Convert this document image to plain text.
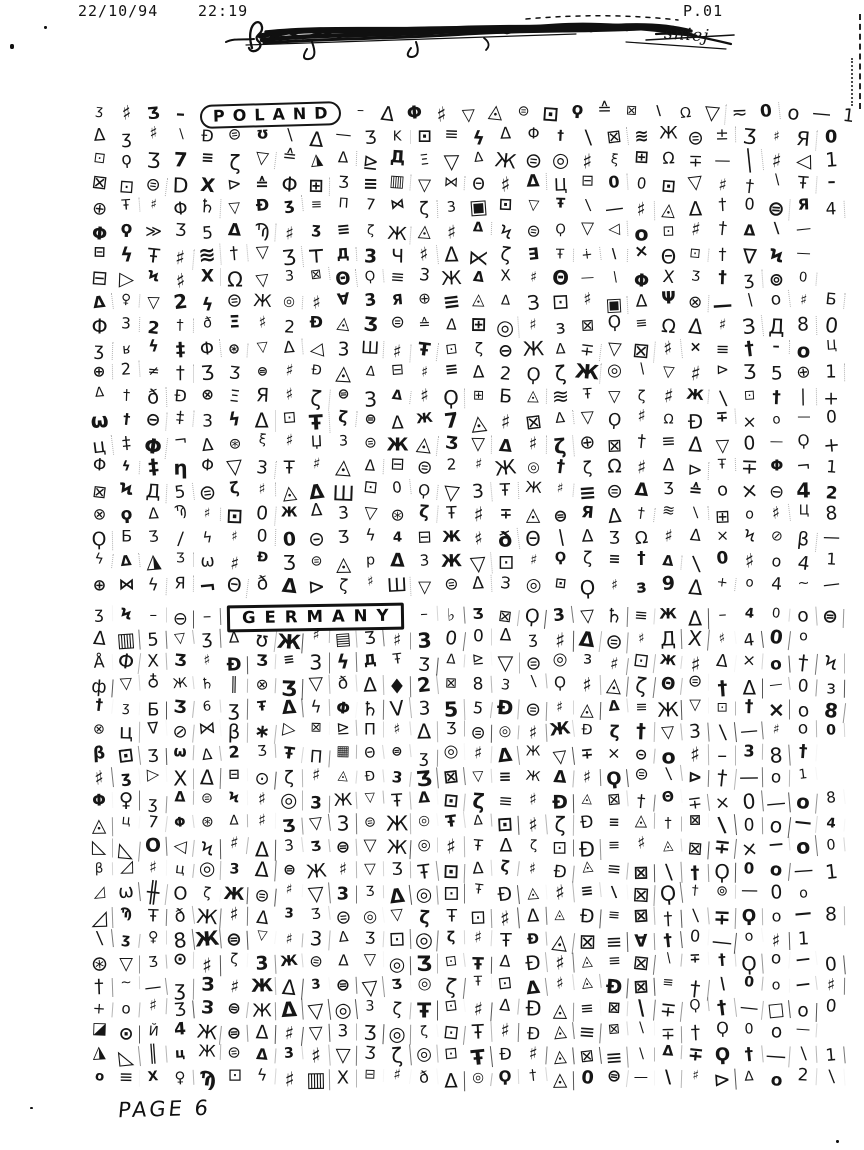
22/10/94	22:19	P.01
śniej
ʒ ♯ Ӡ –	POLAND	– Δ Φ ♯ ▽ ◬ ⊜ ⊡ ϙ ≙	⊠	∖	Ω ▽ ≂ 0 o — 1
Δ ʒ	♯	∖	Ð ⊜ ʊ ∖ Δ — Ӡ	K ⊡ ≡ ϟ Δ Φ	† ∖ ⊠ ≋ Ж ⊜ ± Ӡ	♯ Я 0
⊡ ϙ Ӡ 7 ≡ ζ ▽ ≙ ◮ Δ ⊵ Д Ξ ▽	Δ Ж ⊜ ◎ ♯	ξ ⊞ Ω ∓ — │ ♯ ◁ 1
⊠ ⊡ ⊜ D Χ ⊳ ≙ Φ ⊞ Ӡ ≡ ▥ ▽ ⋈ Θ ♯ Δ Ц ⊟ 0	0 ⊡ ▽ ♯ †	∖ Ŧ	–
⊕ Ŧ	♯ Φ ♄ ▽ Ð ʒ	≡	Π	7 ⋈ ζ	3 ▣ ⊡ ▽	Ŧ	∖ — ♯ ◬ Δ †	0 ⊜ Я 4
Φ ϙ ≫ Ӡ 5 Δ Ϡ ♯	ʒ ≡	ζ Ж ◬ ♯	Δ Ϟ ⊜ Ϙ ▽ ◁ o ⊡ ♯ †	Δ	∖ —
⊟ ϟ Ŧ ♯ ≋ † ▽ Ӡ ⊤ Д 3 Ч ♯ Δ ⋉ ζ ∃	Ŧ	∔	∖ × Θ ⊡	† ∇ Ϟ —
⊟ ▷ Ϟ ♯ Χ Ω ▽ 3	⊠ Θ Ϙ ≡ 3 Ж Δ Χ	♯ Θ —	∖ Φ Χ	Ӡ	† ʒ ⊚	0
Δ	♀ ▽ 2 ϟ ⊜ Ж ◎ ♯ ∀ 3 Я ⊕ ≡ ◬	Δ З ⊡ ♯ ▣ Δ Ψ ⊗ — ∖ o	♯ Б
Φ 3 2	†	ð Ξ	♯ 2 Ð ◬ Ʒ ⊜ ≙	Δ ⊞ ◎ ♯ з ⊠ Ϙ ≡ Ω Δ ♯ З Д 8 0
ʒ	ʁ	ϟ ‡ Φ ⊛	▽ Δ ◁ 3 Ш ♯ Ŧ ⊡	ζ ⊖ Ж Δ ∓ ▽ ⊠ ♯	× ≡ †	– o	Ц
⊕ 2	≠ † Ʒ Ӡ	⊜	♯	Ð ◬ Δ ⊟	♯ ≡ Δ 2 Ϙ ζ Ж ◎ ∖	▽ ♯ ⊳ Ӡ 5 ⊕ 1
Δ	† ð Ð ⊗ Ξ Я ♯ ζ	⊜ 3	Δ ♯ Ϙ	⊞ Б ◬ ≋ Ŧ ▽	ζ ♯ Ж ∖	⊡ †	| +
ω † ⊖ ‡	3 ϟ Δ ⊡ Ŧ ζ	⊜ Δ Ж 7 ◬ ♯ ⊠ Δ ▽ Ϙ ♯	Ω Ð ∓ ×	o	— 0
ц ‡ Φ ¬ Δ ⊛	ξ	♯	Џ	3 ⊜ Ж ◬ Ʒ ▽ Δ ♯ ζ ⊕ ⊠ † ≡ Δ ▽ 0	— Ϙ +
Φ	ϟ ‡ η Φ ▽ 3 Ŧ	♯ ◬ Δ ⊟ ⊜ 2	♯ Ж ◎ † ζ Ω ♯ Δ ⊳	Ŧ ∓ Φ ¬ 1
⊠ Ϟ Д 5 ⊜ ζ	♯ ◬ Δ Ш ⊡ 0 Ϙ ▽ 3 Ŧ Ж	♯ ≡ ⊜ Δ Ʒ ≙ o × ⊖ 4 2
⊗ ϙ Δ	Ϡ	♯ ⊡ 0 Ж Δ 3 ▽ ⊛ ζ Ŧ ♯	∓ ◬ ⊜ Я Δ †	≋ ∖ ⊞ o ♯	Ц 8
Ϙ Б	Ӡ ∕	ϟ	♯	0 0 ⊝ Ʒ ϟ	4 ⊟ Ж ♯ ð Θ ∖ Δ Ʒ Ω ♯	Δ × Ϟ	⊘ β —
ϟ	Δ ◮	Ӡ ω ♯	Ð Ʒ ⊜ ◬	р Δ 3 Ж ▽ ⊡	♯	Ϙ ζ	≡ †	Δ ∖ 0 ♯ o 4 1
⊕ ⋈ ϟ Я ¬ Θ ð Δ ⊳ ζ	♯ Ш ▽ ⊜ Δ З ◎ ⊡ Ϙ	♯ з 9 Δ +	o 4	~ —
ʒ	Ϟ	– ⊖ –	GERMANY	–	♭	Ӡ ⊠ Ϙ 3 ▽ ♄ ≡ Ж Δ –	4	0 o ⊜
Δ ▥ 5	▽ ʒ	Δ ʊ Ж ♯ ▤ Ʒ ♯ 3 0 0 Δ ʒ ♯ Δ ⊜	♯ Д Χ	♯ 4 0	o
Å Φ Χ Ӡ	♯ Ð Ʒ	≡ 3 ϟ Д	Ŧ Ӡ	Δ	⊵ ▽ ⊜ ◎ з ♯ ⊡ Ж ♯ Δ × o † Ϟ
ф ▽ ♁ Ж ♄	║	⊗ Ʒ ▽ ð Δ ♦ 2 ⊠ 8	3	∖	Ϙ ♯ ◬ ζ Θ ⊜ † Δ — 0 з
†	ʒ Б Ʒ	6 ʒ	Ŧ Δ ϟ Φ ♄ V 3 5 5 Ð ⊜	♯ ◬ Δ	≡ Ж ▽	⊡ † × o 8
⊗ ц ∇ ⊘ ⋈ β ∗ ▷	⊠ ⊵ Π	♯ Δ Ʒ ⊜ ◎ ♯ Ж Ð ζ † ▽ 3 ∖ — ♯	o	0
β ⊡ Ʒ ω Δ 2	Ӡ Ŧ Π ▦ Θ	⊜ ʒ ◎ ♯ Δ Ж ▽ ∓ × ⊝ o ♯ –	3 8 †
♯ ʒ ▷ Χ Δ	⊟ ⊙ ζ	♯	◬	Ð 3 Ʒ ⊠ ▽ ≡ Ж Δ ♯ Ϙ ⊜ ∖ ⊳ † — o	1
Φ ♀ ʒ	Δ	⊜ Ϟ ♯ ◎ 3 Ж ▽ Ŧ Δ ⊡ ζ ≡ ♯ Ð	◬ ⊠ †	Θ ∓ × 0 — o 8
◬	ц 7	Φ ⊛	Δ	♯ Ӡ ▽ 3 ⊜ Ж ◎ Ŧ	Δ ⊡ ♯ ζ Ð	≡ ◬	†	⊠ ∖ 0 o — 4
◺ ◺ O ◁ Ϟ ♯ Δ 3	Ʒ ⊜ ▽ Ж ◎ ♯	Ŧ Δ	ζ ⊡ Ð ≡ ♯	◬ ⊠ ∓ × — o 0
β ◿ ♯	ц ◎ 3 Δ ⊜ Ж ♯	▽ Ӡ Ŧ ⊡ Δ	ζ	♯ Ð ◬ ≡ ⊠ ∖ † Ϙ 0 o — 1
◿ ω ╫ O	ζ Ж ⊜	♯ ▽ 3	Ʒ Δ ◎ ⊡	Ŧ Ð ◬ ♯ ≡ ∖ ⊠ Ϙ	†	⊚ — 0	o
◿ Ϡ Ŧ ð Ж ♯ Δ	3	Ʒ ⊜ ◎ ▽ ζ Ŧ ⊡ ♯ Δ	◬ Ð ≡ ⊠ † ∖ ∓ Ϙ o — 8
∖	ʒ	♀ 8 Ж ⊜ ▽	♯ 3	Δ Ʒ ⊡ ◎ ζ	♯ Ŧ	Ð ◬ ⊠ ≡ ∀ †	0 — o ♯ 1
⊛ ▽	Ӡ ⊙ ♯	ζ 3 Ж ⊜ Δ ▽ ◎ Ʒ ⊡ Ŧ Δ Ð ♯	◬ ≡ ⊠ ∖	∓	† Ϙ o — 0
†	∼ — ʒ З ♯ Ж Δ	3 ⊜ ▽ Ʒ ◎ ζ	Ŧ ⊡ Δ ♯	◬ Ð ⊠ ≡ † ∖	0	o	— ♯
+ o	♯ Ʒ З ⊜ Ж Δ ▽ ◎ 3	ζ Ŧ ⊡ ♯ Δ Ð ◬ ≡ ⊠ ∖ ∓ Ϙ † — □ o 0
◪ ⊙	Й 4 Ж ⊜ Δ ♯ ▽ 3 Ʒ ◎	ζ ⊡ Ŧ ♯ Ð ◬ ≡ ⊠	∖ ∓ † Ϙ	0 o —
◮ ◺ ║	ц Ж ⊜ Δ	3 ♯ ▽ Ʒ ζ ◎ ⊡ Ŧ Ð ♯ ◬ ⊠ ≡ ∖	Δ ∓ Ϙ † — ∖ 1
o ≡	Χ ♀ Ϡ ⊡ ϟ ♯ ▥ Χ	⊟	♯	ð Δ	◎ Ϙ	† ◬ 0 ⊜ — ∖	♯ ⊳ Δ o 2 ∖
PAGE 6
